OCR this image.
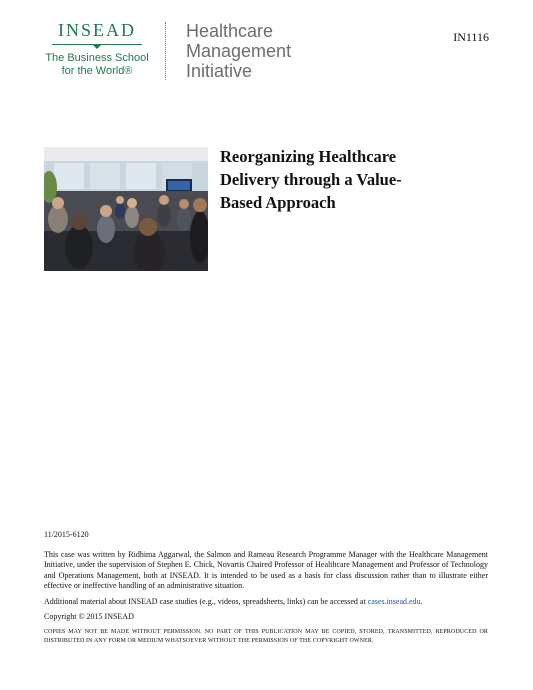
INSEAD
The Business School
for the World®
Healthcare
Management
Initiative
IN1116
Reorganizing Healthcare
Delivery through a Value-
Based Approach

11/2015-6120

This case was written by Ridhima Aggarwal, the Salmon and Rameau Research Programme Manager with the Healthcare Management Initiative, under the supervision of Stephen E. Chick, Novartis Chaired Professor of Healthcare Management and Professor of Technology and Operations Management, both at INSEAD. It is intended to be used as a basis for class discussion rather than to illustrate either effective or ineffective handling of an administrative situation.

Additional material about INSEAD case studies (e.g., videos, spreadsheets, links) can be accessed at cases.insead.edu.

Copyright © 2015 INSEAD

COPIES MAY NOT BE MADE WITHOUT PERMISSION. NO PART OF THIS PUBLICATION MAY BE COPIED, STORED, TRANSMITTED, REPRODUCED OR DISTRIBUTED IN ANY FORM OR MEDIUM WHATSOEVER WITHOUT THE PERMISSION OF THE COPYRIGHT OWNER.
